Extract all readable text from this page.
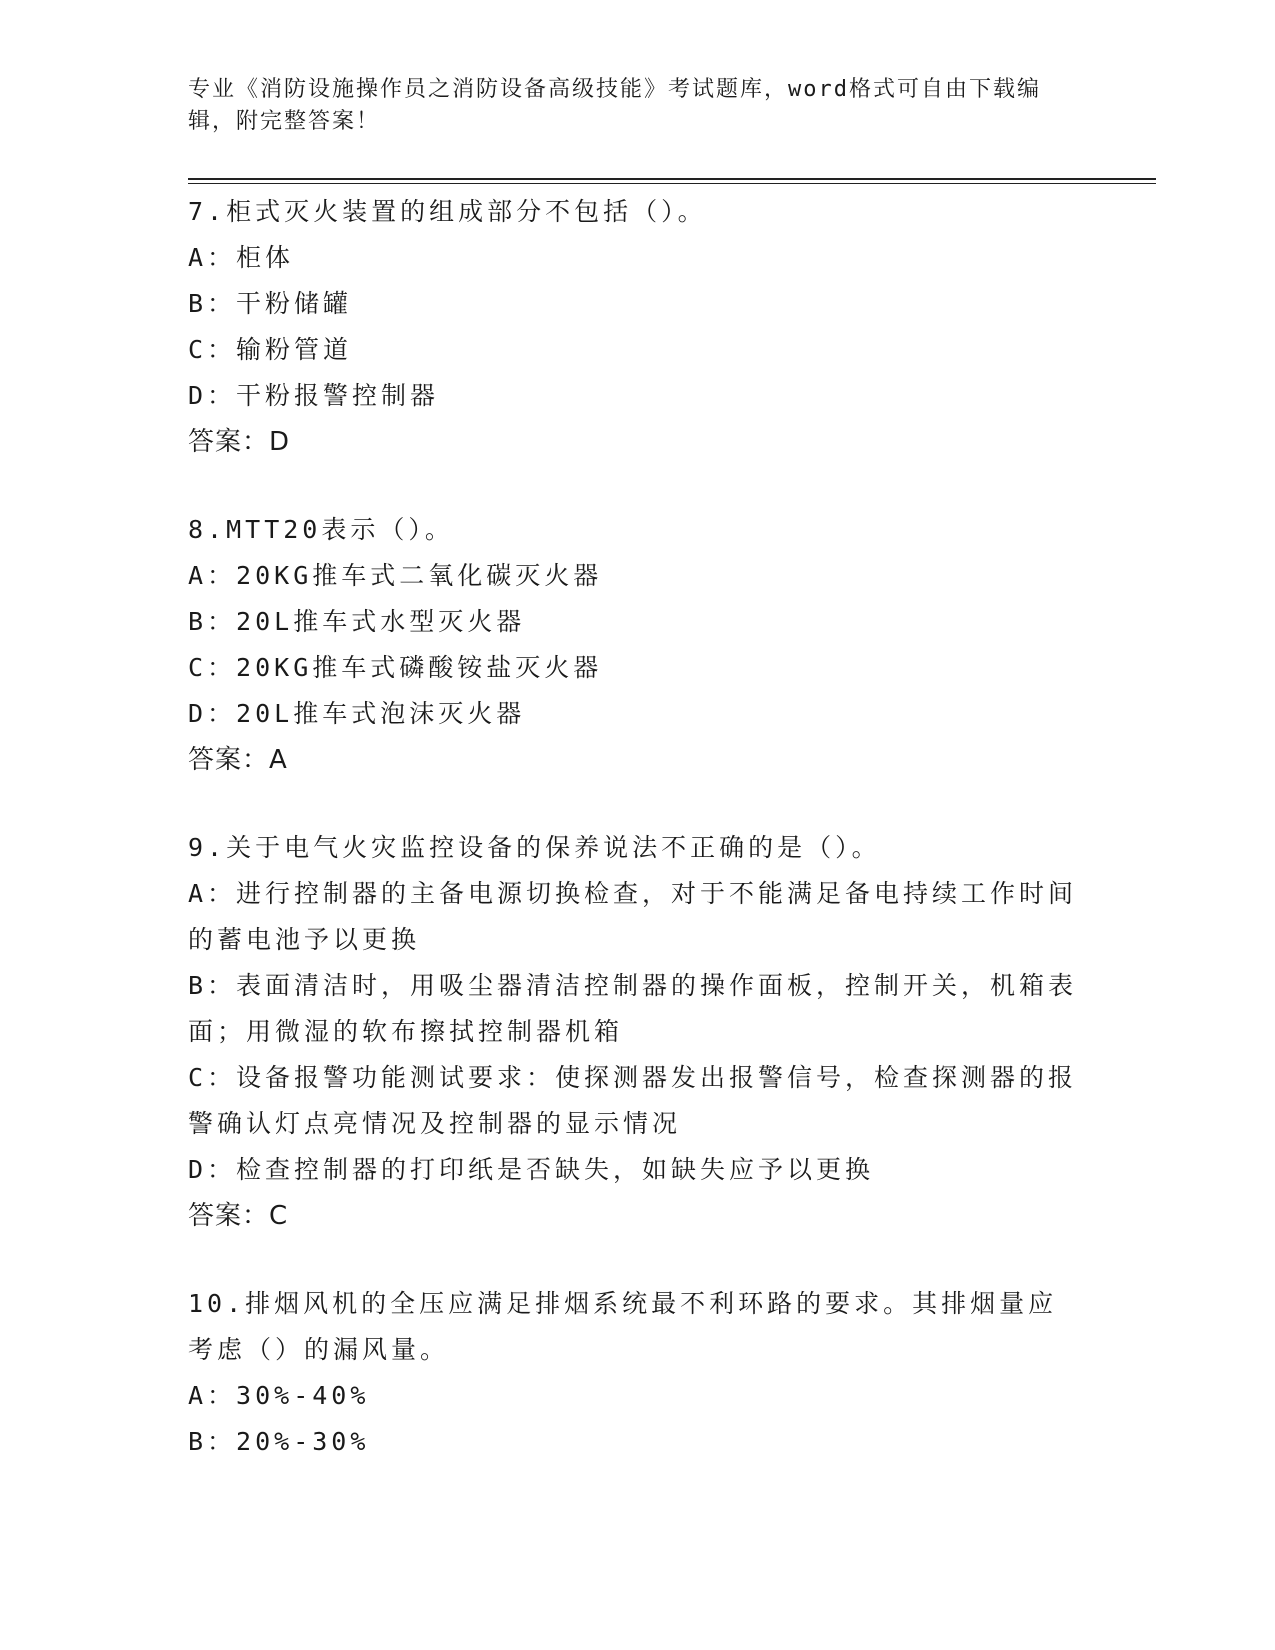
专业《消防设施操作员之消防设备高级技能》考试题库，word格式可自由下载编辑，附完整答案！
7.柜式灭火装置的组成部分不包括（）。
A：柜体
B：干粉储罐
C：输粉管道
D：干粉报警控制器
答案：D
8.MTT20表示（）。
A：20KG推车式二氧化碳灭火器
B：20L推车式水型灭火器
C：20KG推车式磷酸铵盐灭火器
D：20L推车式泡沫灭火器
答案：A
9.关于电气火灾监控设备的保养说法不正确的是（）。
A：进行控制器的主备电源切换检查，对于不能满足备电持续工作时间的蓄电池予以更换
B：表面清洁时，用吸尘器清洁控制器的操作面板，控制开关，机箱表面；用微湿的软布擦拭控制器机箱
C：设备报警功能测试要求：使探测器发出报警信号，检查探测器的报警确认灯点亮情况及控制器的显示情况
D：检查控制器的打印纸是否缺失，如缺失应予以更换
答案：C
10.排烟风机的全压应满足排烟系统最不利环路的要求。其排烟量应考虑（）的漏风量。
A：30%-40%
B：20%-30%
